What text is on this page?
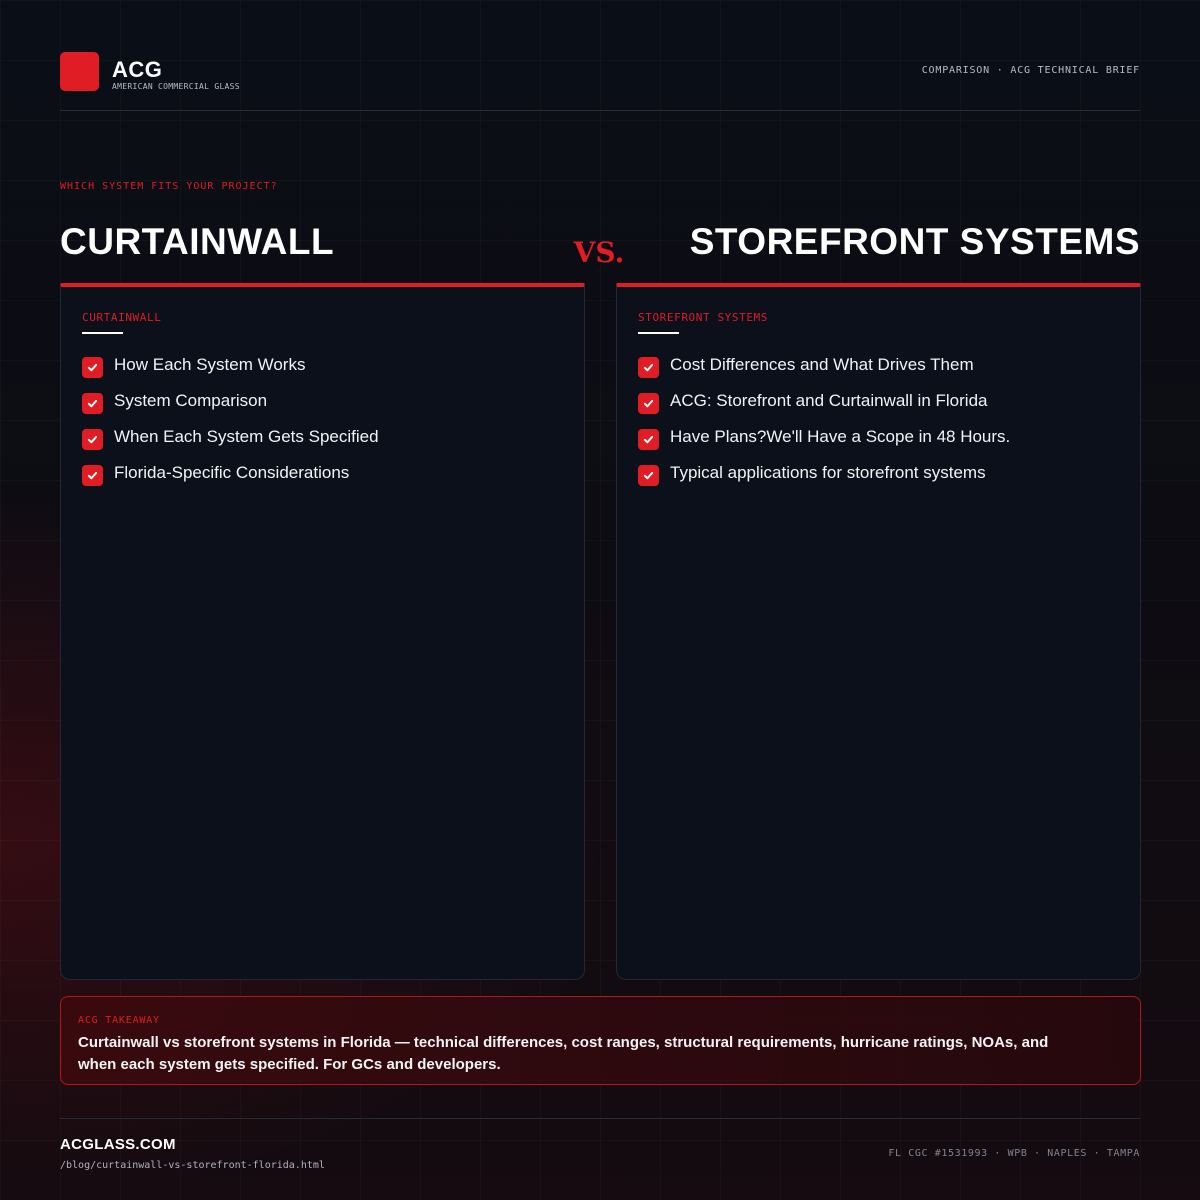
ACG
AMERICAN COMMERCIAL GLASS
COMPARISON · ACG TECHNICAL BRIEF
WHICH SYSTEM FITS YOUR PROJECT?
CURTAINWALL	VS. STOREFRONT SYSTEMS
CURTAINWALL
How Each System Works
System Comparison
When Each System Gets Specified
Florida-Specific Considerations
STOREFRONT SYSTEMS
Cost Differences and What Drives Them
ACG: Storefront and Curtainwall in Florida
Have Plans?We'll Have a Scope in 48 Hours.
Typical applications for storefront systems
ACG TAKEAWAY

Curtainwall vs storefront systems in Florida — technical differences, cost ranges, structural requirements, hurricane ratings, NOAs, and when each system gets specified. For GCs and developers.

ACGLASS.COM
/blog/curtainwall-vs-storefront-florida.html
FL CGC #1531993 · WPB · NAPLES · TAMPA
